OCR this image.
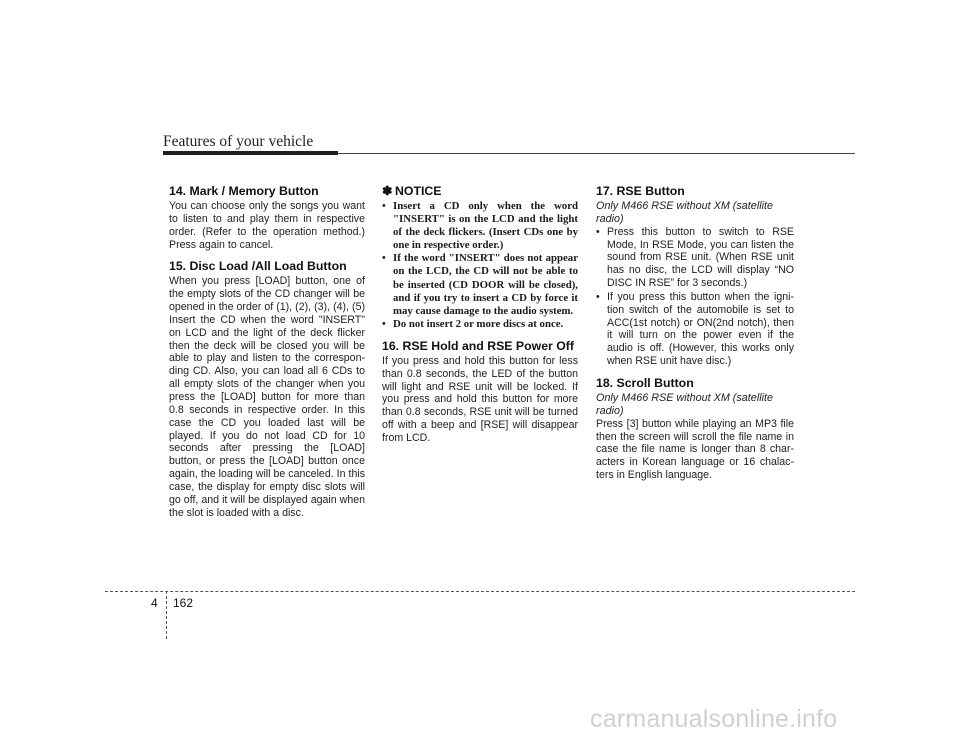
Features of your vehicle
14. Mark / Memory Button

You can choose only the songs you want to listen to and play them in respective order. (Refer to the operation method.) Press again to cancel.

15. Disc Load /All Load Button

When you press [LOAD] button, one of the empty slots of the CD changer will be opened in the order of (1), (2), (3), (4), (5) Insert the CD when the word "INSERT" on LCD and the light of the deck flicker then the deck will be closed you will be able to play and listen to the correspon-ding CD. Also, you can load all 6 CDs to all empty slots of the changer when you press the [LOAD] button for more than 0.8 seconds in respective order. In this case the CD you loaded last will be played. If you do not load CD for 10 seconds after pressing the [LOAD] button, or press the [LOAD] button once again, the loading will be canceled. In this case, the display for empty disc slots will go off, and it will be displayed again when the slot is loaded with a disc.

✽ NOTICE
• Insert a CD only when the word "INSERT" is on the LCD and the light of the deck flickers. (Insert CDs one by one in respective order.)
• If the word "INSERT" does not appear on the LCD, the CD will not be able to be inserted (CD DOOR will be closed), and if you try to insert a CD by force it may cause damage to the audio system.
• Do not insert 2 or more discs at once.
16. RSE Hold and RSE Power Off

If you press and hold this button for less than 0.8 seconds, the LED of the button will light and RSE unit will be locked. If you press and hold this button for more than 0.8 seconds, RSE unit will be turned off with a beep and [RSE] will disappear from LCD.

17. RSE Button

Only M466 RSE without XM (satellite radio)

• Press this button to switch to RSE Mode, In RSE Mode, you can listen the sound from RSE unit. (When RSE unit has no disc, the LCD will display “NO DISC IN RSE” for 3 seconds.)
• If you press this button when the igni-tion switch of the automobile is set to ACC(1st notch) or ON(2nd notch), then it will turn on the power even if the audio is off. (However, this works only when RSE unit have disc.)
18. Scroll Button

Only M466 RSE without XM (satellite radio)

Press [3] button while playing an MP3 file then the screen will scroll the file name in case the file name is longer than 8 char-acters in Korean language or 16 chalac-ters in English language.

4 162
carmanualsonline.info
